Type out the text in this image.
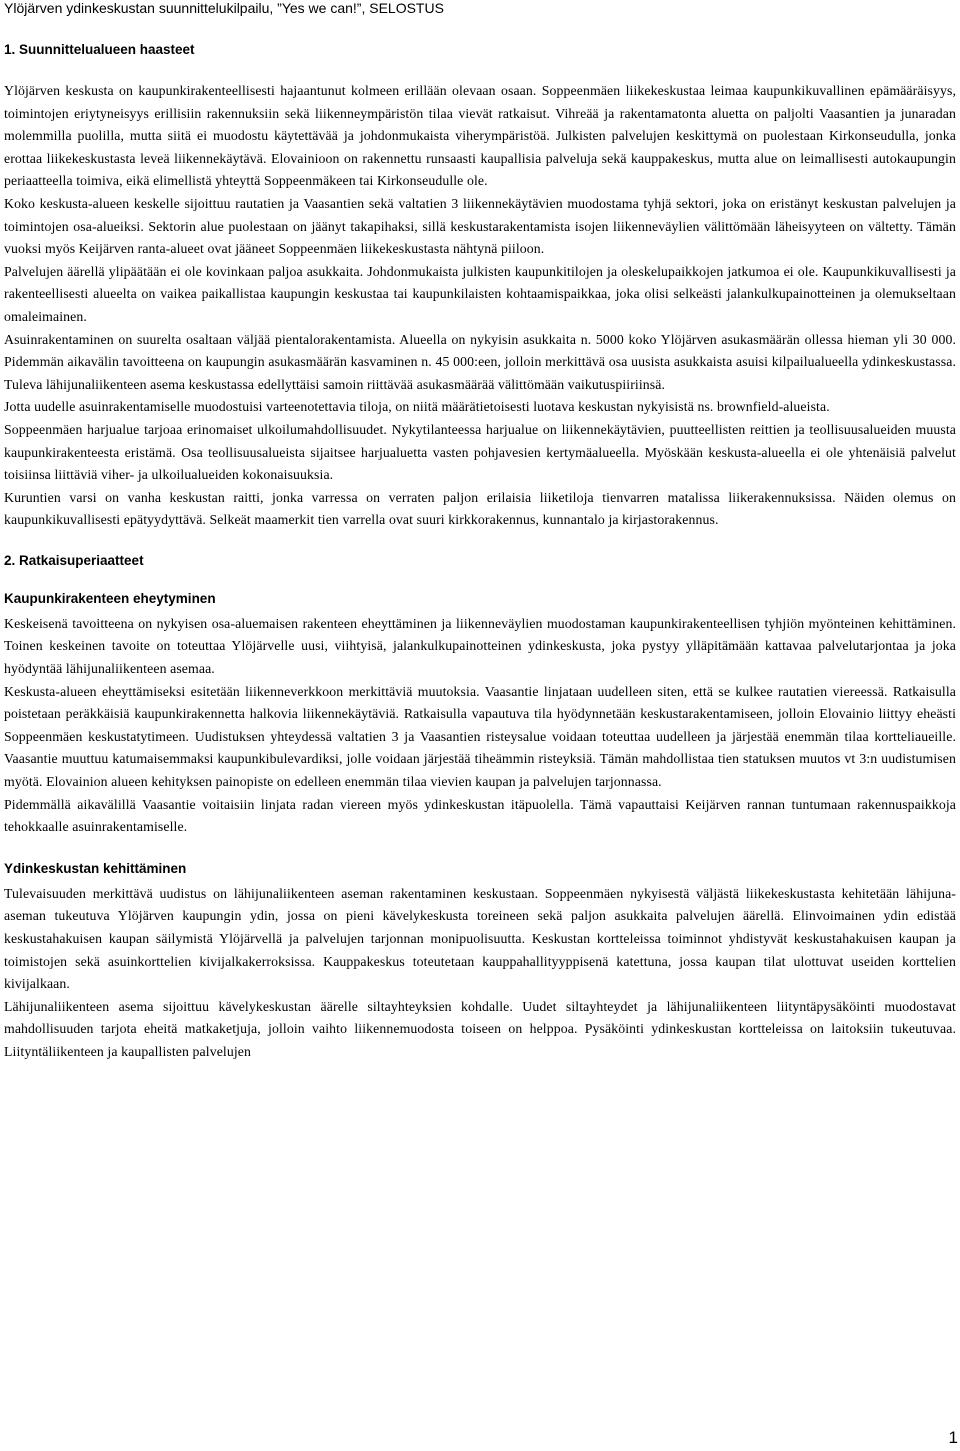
Ylöjärven ydinkeskustan suunnittelukilpailu, ”Yes we can!”, SELOSTUS
1. Suunnittelualueen haasteet

Ylöjärven keskusta on kaupunkirakenteellisesti hajaantunut kolmeen erillään olevaan osaan. Soppeenmäen liikekeskustaa leimaa kaupunkikuvallinen epämääräisyys, toimintojen eriytyneisyys erillisiin rakennuksiin sekä liikenneympäristön tilaa vievät ratkaisut. Vihreää ja rakentamatonta aluetta on paljolti Vaasantien ja junaradan molemmilla puolilla, mutta siitä ei muodostu käytettävää ja johdonmukaista viherympäristöä. Julkisten palvelujen keskittymä on puolestaan Kirkonseudulla, jonka erottaa liikekeskustasta leveä liikennekäytävä. Elovainioon on rakennettu runsaasti kaupallisia palveluja sekä kauppakeskus, mutta alue on leimallisesti autokaupungin periaatteella toimiva, eikä elimellistä yhteyttä Soppeenmäkeen tai Kirkonseudulle ole.

Koko keskusta-alueen keskelle sijoittuu rautatien ja Vaasantien sekä valtatien 3 liikennekäytävien muodostama tyhjä sektori, joka on eristänyt keskustan palvelujen ja toimintojen osa-alueiksi. Sektorin alue puolestaan on jäänyt takapihaksi, sillä keskustarakentamista isojen liikenneväylien välittömään läheisyyteen on vältetty. Tämän vuoksi myös Keijärven ranta-alueet ovat jääneet Soppeenmäen liikekeskustasta nähtynä piiloon.

Palvelujen äärellä ylipäätään ei ole kovinkaan paljoa asukkaita. Johdonmukaista julkisten kaupunkitilojen ja oleskelupaikkojen jatkumoa ei ole. Kaupunkikuvallisesti ja rakenteellisesti alueelta on vaikea paikallistaa kaupungin keskustaa tai kaupunkilaisten kohtaamispaikkaa, joka olisi selkeästi jalankulkupainotteinen ja olemukseltaan omaleimainen.

Asuinrakentaminen on suurelta osaltaan väljää pientalorakentamista. Alueella on nykyisin asukkaita n. 5000 koko Ylöjärven asukasmäärän ollessa hieman yli 30 000. Pidemmän aikavälin tavoitteena on kaupungin asukasmäärän kasvaminen n. 45 000:een, jolloin merkittävä osa uusista asukkaista asuisi kilpailualueella ydinkeskustassa. Tuleva lähijunaliikenteen asema keskustassa edellyttäisi samoin riittävää asukasmäärää välittömään vaikutuspiiriinsä.

Jotta uudelle asuinrakentamiselle muodostuisi varteenotettavia tiloja, on niitä määrätietoisesti luotava keskustan nykyisistä ns. brownfield-alueista.

Soppeenmäen harjualue tarjoaa erinomaiset ulkoilumahdollisuudet. Nykytilanteessa harjualue on liikennekäytävien, puutteellisten reittien ja teollisuusalueiden muusta kaupunkirakenteesta eristämä. Osa teollisuusalueista sijaitsee harjualuetta vasten pohjavesien kertymäalueella. Myöskään keskusta-alueella ei ole yhtenäisiä palvelut toisiinsa liittäviä viher- ja ulkoilualueiden kokonaisuuksia.

Kuruntien varsi on vanha keskustan raitti, jonka varressa on verraten paljon erilaisia liiketiloja tienvarren matalissa liikerakennuksissa. Näiden olemus on kaupunkikuvallisesti epätyydyttävä. Selkeät maamerkit tien varrella ovat suuri kirkkorakennus, kunnantalo ja kirjastorakennus.

2. Ratkaisuperiaatteet
Kaupunkirakenteen eheytyminen

Keskeisenä tavoitteena on nykyisen osa-aluemaisen rakenteen eheyttäminen ja liikenneväylien muodostaman kaupunkirakenteellisen tyhjiön myönteinen kehittäminen. Toinen keskeinen tavoite on toteuttaa Ylöjärvelle uusi, viihtyisä, jalankulkupainotteinen ydinkeskusta, joka pystyy ylläpitämään kattavaa palvelutarjontaa ja joka hyödyntää lähijunaliikenteen asemaa.

Keskusta-alueen eheyttämiseksi esitetään liikenneverkkoon merkittäviä muutoksia. Vaasantie linjataan uudelleen siten, että se kulkee rautatien viereessä. Ratkaisulla poistetaan peräkkäisiä kaupunkirakennetta halkovia liikennekäytäviä. Ratkaisulla vapautuva tila hyödynnetään keskustarakentamiseen, jolloin Elovainio liittyy eheästi Soppeenmäen keskustatytimeen. Uudistuksen yhteydessä valtatien 3 ja Vaasantien risteysalue voidaan toteuttaa uudelleen ja järjestää enemmän tilaa kortteliaueille. Vaasantie muuttuu katumaisemmaksi kaupunkibulevardiksi, jolle voidaan järjestää tiheämmin risteyksiä. Tämän mahdollistaa tien statuksen muutos vt 3:n uudistumisen myötä. Elovainion alueen kehityksen painopiste on edelleen enemmän tilaa vievien kaupan ja palvelujen tarjonnassa.

Pidemmällä aikavälillä Vaasantie voitaisiin linjata radan viereen myös ydinkeskustan itäpuolella. Tämä vapauttaisi Keijärven rannan tuntumaan rakennuspaikkoja tehokkaalle asuinrakentamiselle.

Ydinkeskustan kehittäminen

Tulevaisuuden merkittävä uudistus on lähijunaliikenteen aseman rakentaminen keskustaan. Soppeenmäen nykyisestä väljästä liikekeskustasta kehitetään lähijuna-aseman tukeutuva Ylöjärven kaupungin ydin, jossa on pieni kävelykeskusta toreineen sekä paljon asukkaita palvelujen äärellä. Elinvoimainen ydin edistää keskustahakuisen kaupan säilymistä Ylöjärvellä ja palvelujen tarjonnan monipuolisuutta. Keskustan kortteleissa toiminnot yhdistyvät keskustahakuisen kaupan ja toimistojen sekä asuinkorttelien kivijalkakerroksissa. Kauppakeskus toteutetaan kauppahallityyppisenä katettuna, jossa kaupan tilat ulottuvat useiden korttelien kivijalkaan.

Lähijunaliikenteen asema sijoittuu kävelykeskustan äärelle siltayhteyksien kohdalle. Uudet siltayhteydet ja lähijunaliikenteen liityntäpysäköinti muodostavat mahdollisuuden tarjota eheitä matkaketjuja, jolloin vaihto liikennemuodosta toiseen on helppoa. Pysäköinti ydinkeskustan kortteleissa on laitoksiin tukeutuvaa. Liityntäliikenteen ja kaupallisten palvelujen

1
